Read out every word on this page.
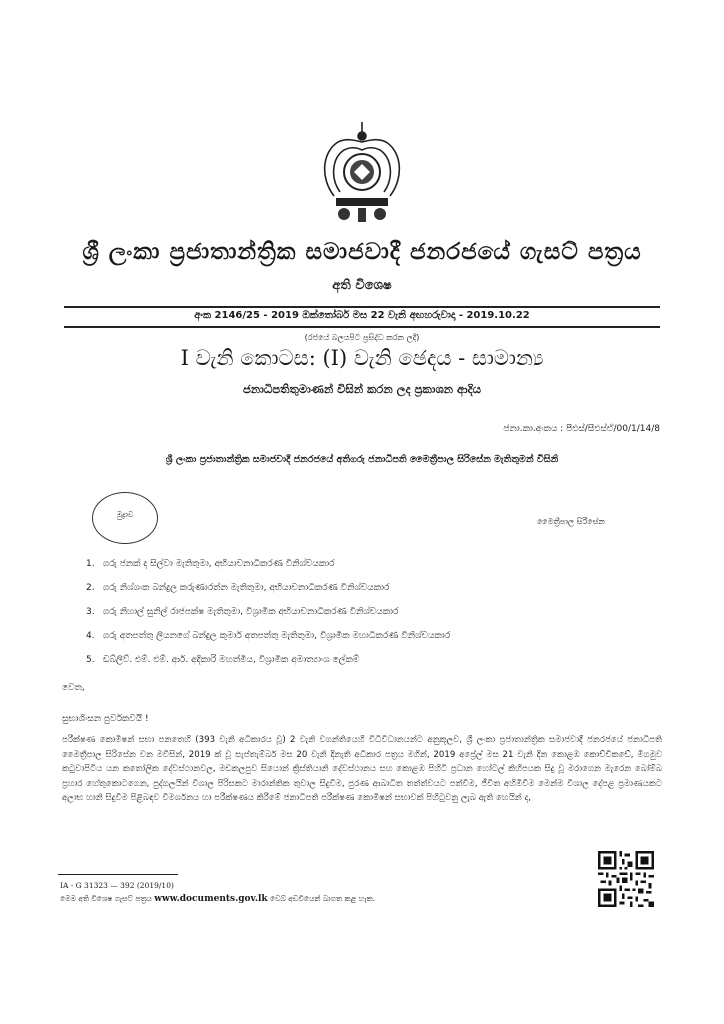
ශ්‍රී ලංකා ප්‍රජාතාන්ත්‍රික සමාජවාදී ජනරජයේ ගැසට් පත්‍රය
අති විශෙෂ
අංක 2146/25 - 2019 ඔක්තෝබර් මස 22 වැනි අඟහරුවාදා - 2019.10.22
(රජයේ බලයපිට ප්‍රසිද්ධ කරන ලදී)
I වැනි කොටස: (I) වැනි ඡෙදය - සාමාන්‍ය
ජනාධිපතිතුමාණන් විසින් කරන ලද ප්‍රකාශන ආදිය
ජනා.කා.අංකය : පීඑස්/සීඑස්ඒ/00/1/14/8
ශ්‍රී ලංකා ප්‍රජාතාන්ත්‍රික සමාජවාදී ජනරජයේ අතිගරු ජනාධිපති මෛත්‍රීපාල සිරිසේන මැතිතුමන් විසිනි
මුද්‍රාව
මෛත්‍රීපාල සිරිසේන
1. ගරු ජනක් ද සිල්වා මැතිතුමා, අභියාචනාධිකරණ විනිශ්චයකාර
2. ගරු නිශ්ශංක බන්දුල කරුණාරත්න මැතිතුමා, අභියාචනාධිකරණ විනිශ්චයකාර
3. ගරු නිහාල් සුනිල් රාජපක්ෂ මැතිතුමා, විශ්‍රාමික අභියාචනාධිකරණ විනිශ්චයකාර
4. ගරු අතපත්තු ලියනගේ බන්දුල කුමාර් අතපත්තු මැතිතුමා, විශ්‍රාමික මහාධිකරණ විනිශ්චයකාර
5. ඩබ්ලිව්. එම්. එම්. ආර්. අදිකාරි මහත්මිය, විශ්‍රාමික අමාත්‍යාංශ ලේකම්
වෙත,
සුභාශිංසන පුර්වකවයි !

පරීක්ෂණ කොමිෂන් සභා පනතෙහි (393 වැනි අධිකාරය වූ) 2 වැනි වගන්තියෙහි විධිවිධානයන්ට අනුකූලව, ශ්‍රී ලංකා ප්‍රජාතාන්ත්‍රික සමාජවාදී ජනරජයේ ජනාධිපති මෛත්‍රීපාල සිරිසේන වන මවිසින්, 2019 ක් වූ සැප්තැම්බර් මස 20 වැනි දිනැති අධිකාර පත්‍රය මගින්, 2019 අප්‍රේල් මස 21 වැනි දින කොළඹ කොච්චිකඩේ, මීගමුව කටුවාපිටිය යන කතෝලික දේවස්ථානවල, මඩකලපුව සියොන් ක්‍රිස්තියානි දේවස්ථානය සහ කොළඹ පිහිටි ප්‍රධාන හෝටල් කිහිපයක සිදු වූ මරාගෙන මැරෙන බෝම්බ ප්‍රහාර හේතුකොටගෙන, පුද්ගලයින් විශාල පිරිසකට මාරාන්තික තුවාල සිදුවීම, පුරණ ආබාධිත තත්ත්වයට පත්වීම, ජීවිත අහිමිවීම මෙන්ම විශාල දේපළ ප්‍රමාණයකට අලාභ හානි සිදුවීම පිළිබඳව විමර්ශනය හා පරීක්ෂණය කිරීමේ ජනාධිපති පරීක්ෂණ කොමිෂන් සභාවක් පිහිටුවනු ලැබ ඇති හෙයින් ද,

IA - G 31323 — 392 (2019/10)
මෙම අති විශෙෂ ගැසට් පත්‍රය www.documents.gov.lk වෙබ් අඩවියෙන් බාගත කළ හැක.
